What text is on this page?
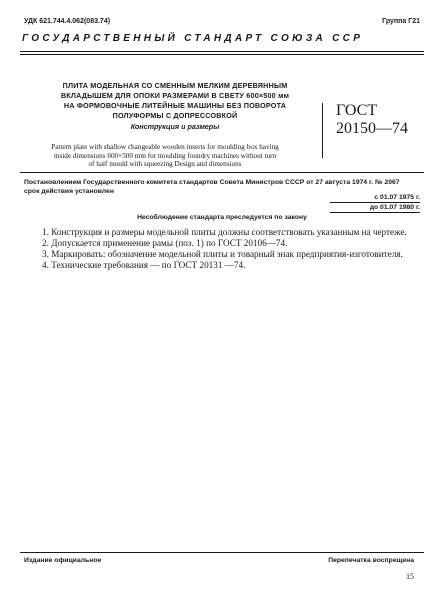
УДК 621.744.4.062(083.74)	Группа Г21
ГОСУДАРСТВЕННЫЙ СТАНДАРТ СОЮЗА ССР
ПЛИТА МОДЕЛЬНАЯ СО СМЕННЫМ МЕЛКИМ ДЕРЕВЯННЫМ
ВКЛАДЫШЕМ ДЛЯ ОПОКИ РАЗМЕРАМИ В СВЕТУ 600×500 мм
НА ФОРМОВОЧНЫЕ ЛИТЕЙНЫЕ МАШИНЫ БЕЗ ПОВОРОТА
ПОЛУФОРМЫ С ДОПРЕССОВКОЙ
Конструкция и размеры
Pattern plate with shallow changeable wooden inserts for moulding box having
inside dimensions 600×500 mm for moulding foundry machines without turn
of half mould with squeezing Design and dimensions
ГОСТ
20150—74
Постановлением Государственного комитета стандартов Совета Министров СССР от 27 августа 1974 г. № 2067
срок действия установлен
с 01.07 1975 г.
до 01.07 1980 г.
Несоблюдение стандарта преследуется по закону
1. Конструкция и размеры модельной плиты должны соответствовать указанным на чертеже.
2. Допускается применение рамы (поз. 1) по ГОСТ 20106—74.
3. Маркировать: обозначение модельной плиты и товарный знак предприятия-изготовителя.
4. Технические требования — по ГОСТ 20131 —74.
Издание официальное	Перепечатка воспрещена
15
